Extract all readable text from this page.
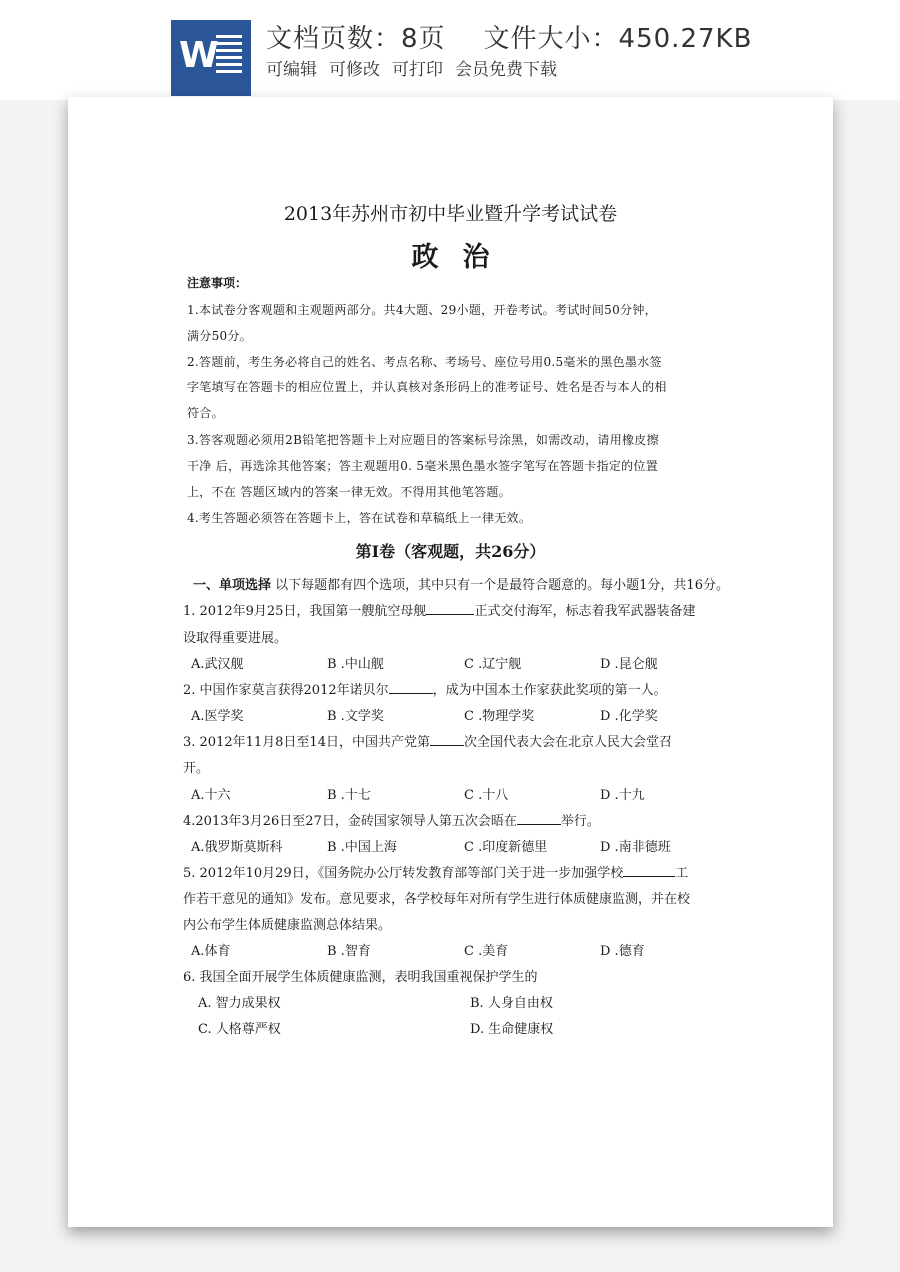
W 文档页数：8页 文件大小：450.27KB
可编辑 可修改 可打印 会员免费下载
2013年苏州市初中毕业暨升学考试试卷
政治
注意事项：
1.本试卷分客观题和主观题两部分。共4大题、29小题，开卷考试。考试时间50分钟，
满分50分。
2.答题前，考生务必将自己的姓名、考点名称、考场号、座位号用0.5毫米的黑色墨水签
字笔填写在答题卡的相应位置上，并认真核对条形码上的准考证号、姓名是否与本人的相
符合。
3.答客观题必须用2B铅笔把答题卡上对应题目的答案标号涂黑，如需改动，请用橡皮擦
干净 后，再选涂其他答案；答主观题用0. 5毫米黑色墨水签字笔写在答题卡指定的位置
上，不在 答题区域内的答案一律无效。不得用其他笔答题。
4.考生答题必须答在答题卡上，答在试卷和草稿纸上一律无效。
第Ⅰ卷（客观题，共26分）
一、单项选择 以下每题都有四个选项，其中只有一个是最符合题意的。每小题1分，共16分。
1. 2012年9月25日，我国第一艘航空母舰	正式交付海军，标志着我军武器装备建
设取得重要进展。
A.武汉舰	B .中山舰	C .辽宁舰	D .昆仑舰
2. 中国作家莫言获得2012年诺贝尔	，成为中国本土作家获此奖项的第一人。
A.医学奖	B .文学奖	C .物理学奖	D .化学奖
3. 2012年11月8日至14日，中国共产党第	次全国代表大会在北京人民大会堂召
开。
A.十六	B .十七	C .十八	D .十九
4.2013年3月26日至27日，金砖国家领导人第五次会晤在	举行。
A.俄罗斯莫斯科	B .中国上海	C .印度新德里	D .南非德班
5. 2012年10月29日，《国务院办公厅转发教育部等部门关于进一步加强学校	工
作若干意见的通知》发布。意见要求，各学校每年对所有学生进行体质健康监测，并在校
内公布学生体质健康监测总体结果。
A.体育	B .智育	C .美育	D .德育
6. 我国全面开展学生体质健康监测，表明我国重视保护学生的
A. 智力成果权	B. 人身自由权
C. 人格尊严权	D. 生命健康权
